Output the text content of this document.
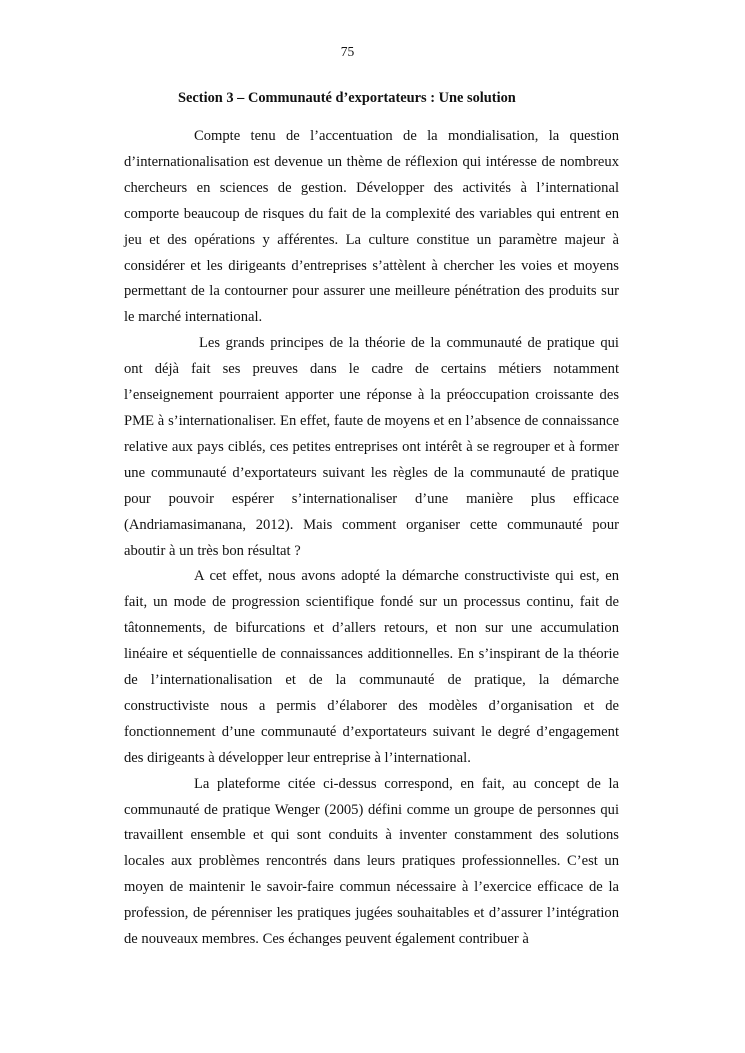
75
Section 3 – Communauté d’exportateurs : Une solution

Compte tenu de l’accentuation de la mondialisation, la question d’internationalisation est devenue un thème de réflexion qui intéresse de nombreux chercheurs en sciences de gestion. Développer des activités à l’international comporte beaucoup de risques du fait de la complexité des variables qui entrent en jeu et des opérations y afférentes. La culture constitue un paramètre majeur à considérer et les dirigeants d’entreprises s’attèlent à chercher les voies et moyens permettant de la contourner pour assurer une meilleure pénétration des produits sur le marché international.

Les grands principes de la théorie de la communauté de pratique qui ont déjà fait ses preuves dans le cadre de certains métiers notamment l’enseignement pourraient apporter une réponse à la préoccupation croissante des PME à s’internationaliser. En effet, faute de moyens et en l’absence de connaissance relative aux pays ciblés, ces petites entreprises ont intérêt à se regrouper et à former une communauté d’exportateurs suivant les règles de la communauté de pratique pour pouvoir espérer s’internationaliser d’une manière plus efficace (Andriamasimanana, 2012). Mais comment organiser cette communauté pour aboutir à un très bon résultat ?

A cet effet, nous avons adopté la démarche constructiviste qui est, en fait, un mode de progression scientifique fondé sur un processus continu, fait de tâtonnements, de bifurcations et d’allers retours, et non sur une accumulation linéaire et séquentielle de connaissances additionnelles. En s’inspirant de la théorie de l’internationalisation et de la communauté de pratique, la démarche constructiviste nous a permis d’élaborer des modèles d’organisation et de fonctionnement d’une communauté d’exportateurs suivant le degré d’engagement des dirigeants à développer leur entreprise à l’international.

La plateforme citée ci-dessus correspond, en fait, au concept de la communauté de pratique Wenger (2005) défini comme un groupe de personnes qui travaillent ensemble et qui sont conduits à inventer constamment des solutions locales aux problèmes rencontrés dans leurs pratiques professionnelles. C’est un moyen de maintenir le savoir-faire commun nécessaire à l’exercice efficace de la profession, de pérenniser les pratiques jugées souhaitables et d’assurer l’intégration de nouveaux membres. Ces échanges peuvent également contribuer à
